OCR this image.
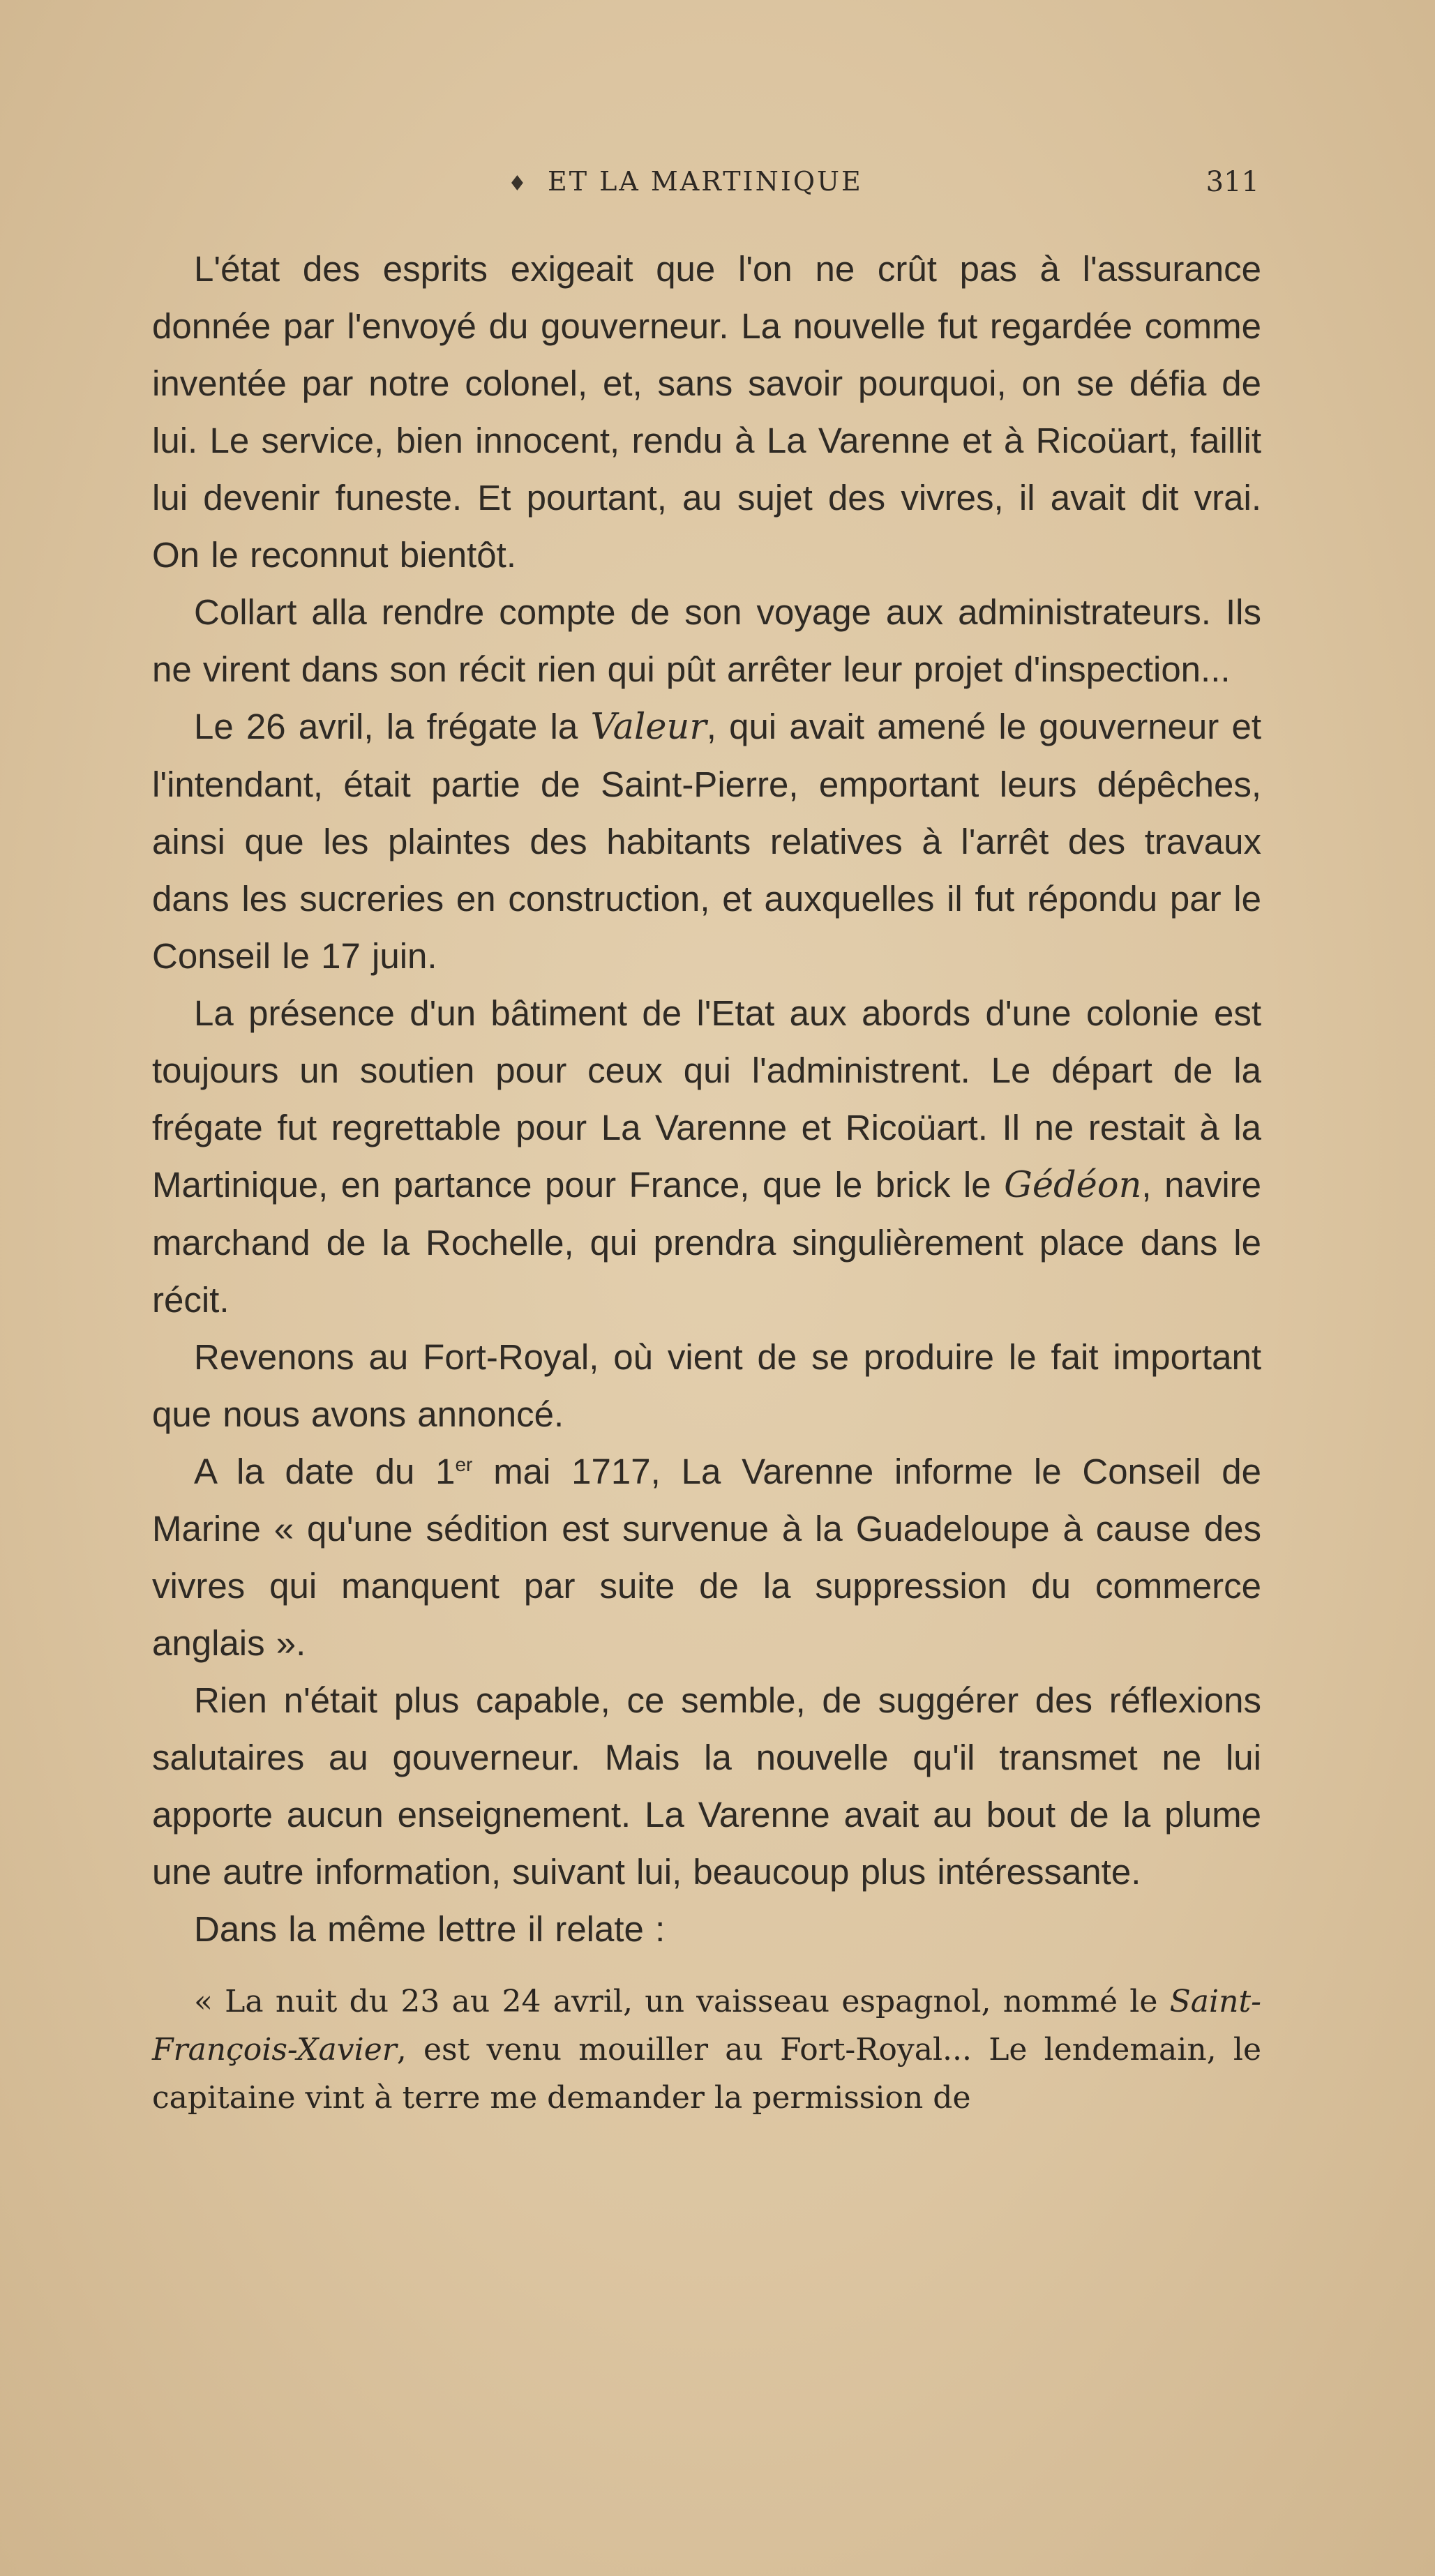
♦ ET LA MARTINIQUE	311

L'état des esprits exigeait que l'on ne crût pas à l'assurance donnée par l'envoyé du gouverneur. La nouvelle fut regardée comme inventée par notre colonel, et, sans savoir pourquoi, on se défia de lui. Le service, bien innocent, rendu à La Varenne et à Ricoüart, faillit lui devenir funeste. Et pourtant, au sujet des vivres, il avait dit vrai. On le reconnut bientôt.

Collart alla rendre compte de son voyage aux administrateurs. Ils ne virent dans son récit rien qui pût arrêter leur projet d'inspection...

Le 26 avril, la frégate la Valeur, qui avait amené le gouverneur et l'intendant, était partie de Saint-Pierre, emportant leurs dépêches, ainsi que les plaintes des habitants relatives à l'arrêt des travaux dans les sucreries en construction, et auxquelles il fut répondu par le Conseil le 17 juin.

La présence d'un bâtiment de l'Etat aux abords d'une colonie est toujours un soutien pour ceux qui l'administrent. Le départ de la frégate fut regrettable pour La Varenne et Ricoüart. Il ne restait à la Martinique, en partance pour France, que le brick le Gédéon, navire marchand de la Rochelle, qui prendra singulièrement place dans le récit.

Revenons au Fort-Royal, où vient de se produire le fait important que nous avons annoncé.

A la date du 1er mai 1717, La Varenne informe le Conseil de Marine « qu'une sédition est survenue à la Guadeloupe à cause des vivres qui manquent par suite de la suppression du commerce anglais ».

Rien n'était plus capable, ce semble, de suggérer des réflexions salutaires au gouverneur. Mais la nouvelle qu'il transmet ne lui apporte aucun enseignement. La Varenne avait au bout de la plume une autre information, suivant lui, beaucoup plus intéressante.

Dans la même lettre il relate :

« La nuit du 23 au 24 avril, un vaisseau espagnol, nommé le Saint-François-Xavier, est venu mouiller au Fort-Royal... Le lendemain, le capitaine vint à terre me demander la permission de
